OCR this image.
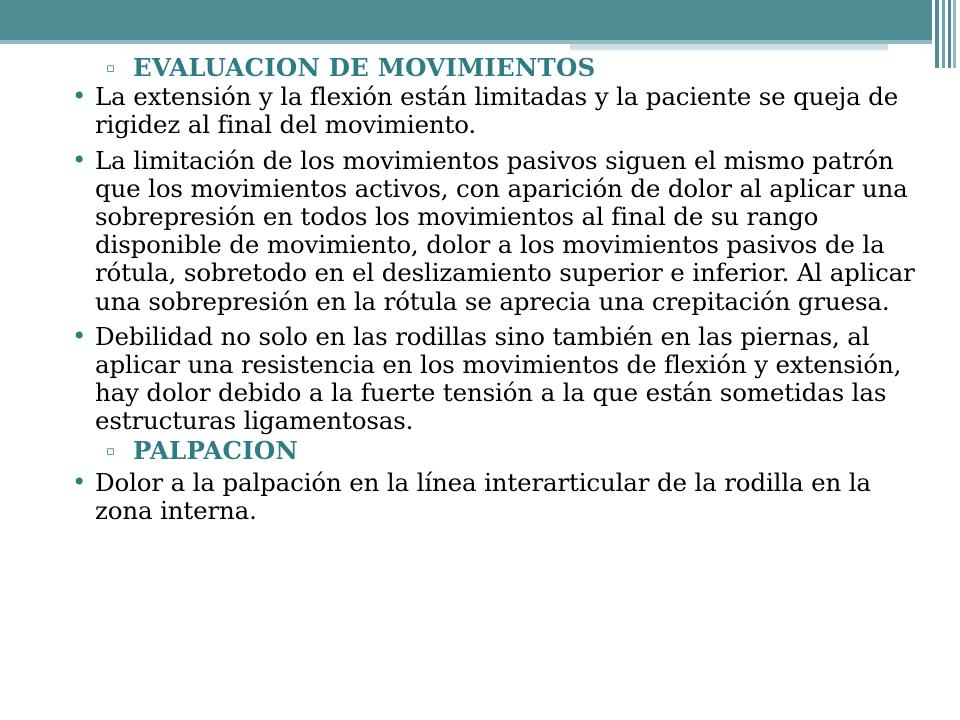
▫ EVALUACION DE MOVIMIENTOS
• La extensión y la flexión están limitadas y la paciente se queja de rigidez al final del movimiento.
• La limitación de los movimientos pasivos siguen el mismo patrón que los movimientos activos, con aparición de dolor al aplicar una sobrepresión en todos los movimientos al final de su rango disponible de movimiento, dolor a los movimientos pasivos de la rótula, sobretodo en el deslizamiento superior e inferior. Al aplicar una sobrepresión en la rótula se aprecia una crepitación gruesa.
• Debilidad no solo en las rodillas sino también en las piernas, al aplicar una resistencia en los movimientos de flexión y extensión, hay dolor debido a la fuerte tensión a la que están sometidas las estructuras ligamentosas.
▫ PALPACION
• Dolor a la palpación en la línea interarticular de la rodilla en la zona interna.
